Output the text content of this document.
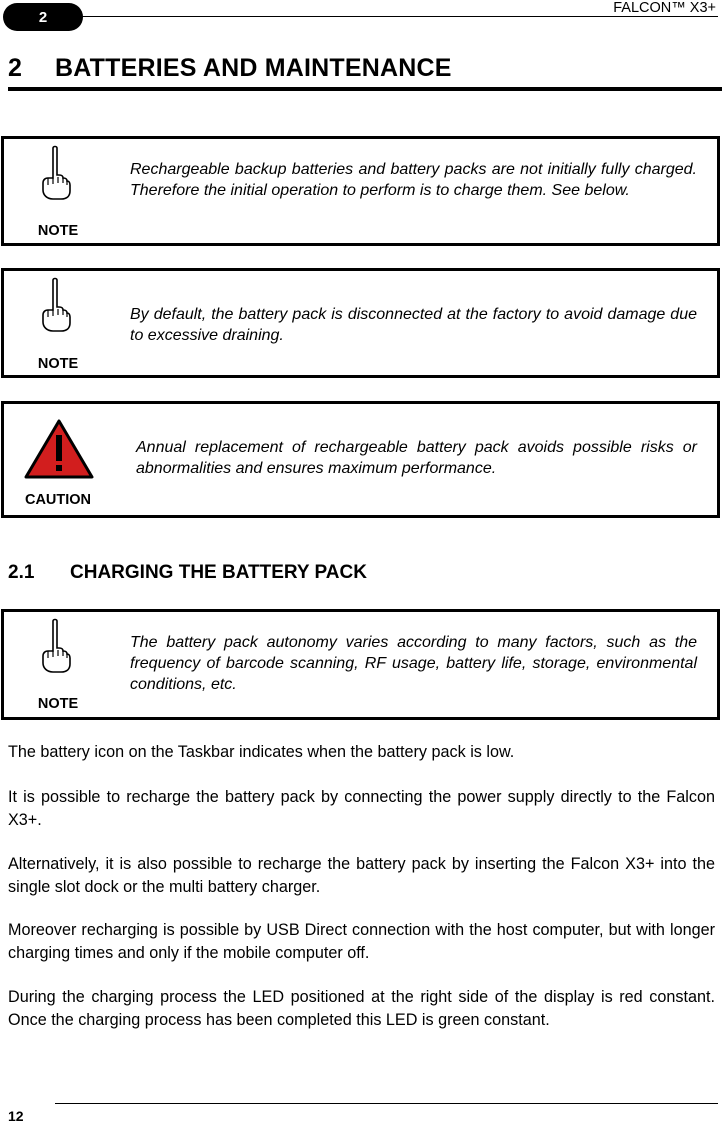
2
FALCON™ X3+
2 BATTERIES AND MAINTENANCE
NOTE
Rechargeable backup batteries and battery packs are not initially fully charged. Therefore the initial operation to perform is to charge them. See below.
NOTE
By default, the battery pack is disconnected at the factory to avoid damage due to excessive draining.
CAUTION
Annual replacement of rechargeable battery pack avoids possible risks or abnormalities and ensures maximum performance.
2.1 CHARGING THE BATTERY PACK
NOTE
The battery pack autonomy varies according to many factors, such as the frequency of barcode scanning, RF usage, battery life, storage, environmental conditions, etc.
The battery icon on the Taskbar indicates when the battery pack is low.
It is possible to recharge the battery pack by connecting the power supply directly to the Falcon X3+.
Alternatively, it is also possible to recharge the battery pack by inserting the Falcon X3+ into the single slot dock or the multi battery charger.
Moreover recharging is possible by USB Direct connection with the host computer, but with longer charging times and only if the mobile computer off.
During the charging process the LED positioned at the right side of the display is red constant. Once the charging process has been completed this LED is green constant.
12
